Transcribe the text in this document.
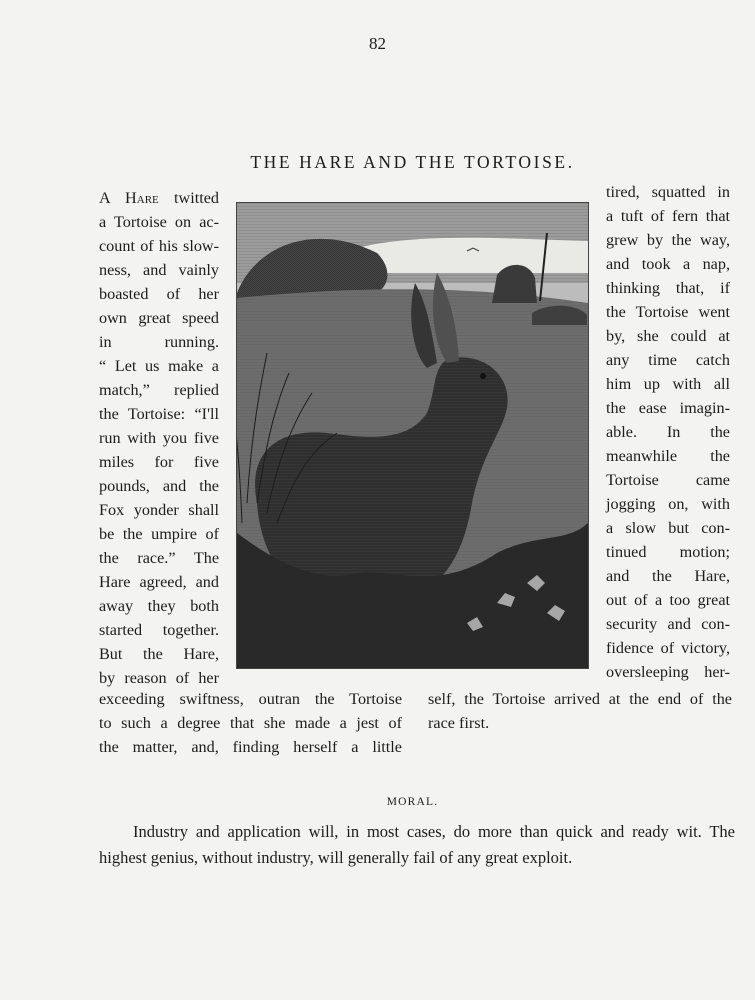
82
THE HARE AND THE TORTOISE.
A Hare twitted
a Tortoise on ac-
count of his slow-
ness, and vainly
boasted of her
own great speed
in running.
“ Let us make a
match,” replied
the Tortoise: “I'll
run with you five
miles for five
pounds, and the
Fox yonder shall
be the umpire of
the race.” The
Hare agreed, and
away they both
started together.
But the Hare,
by reason of her
tired, squatted in
a tuft of fern that
grew by the way,
and took a nap,
thinking that, if
the Tortoise went
by, she could at
any time catch
him up with all
the ease imagin-
able. In the
meanwhile the
Tortoise came
jogging on, with
a slow but con-
tinued motion;
and the Hare,
out of a too great
security and con-
fidence of victory,
oversleeping her-
exceeding swiftness, outran the Tortoise
to such a degree that she made a jest of
the matter, and, finding herself a little
self, the Tortoise arrived at the end of the
race first.
MORAL.
Industry and application will, in most cases, do more than quick and ready wit. The
highest genius, without industry, will generally fail of any great exploit.
